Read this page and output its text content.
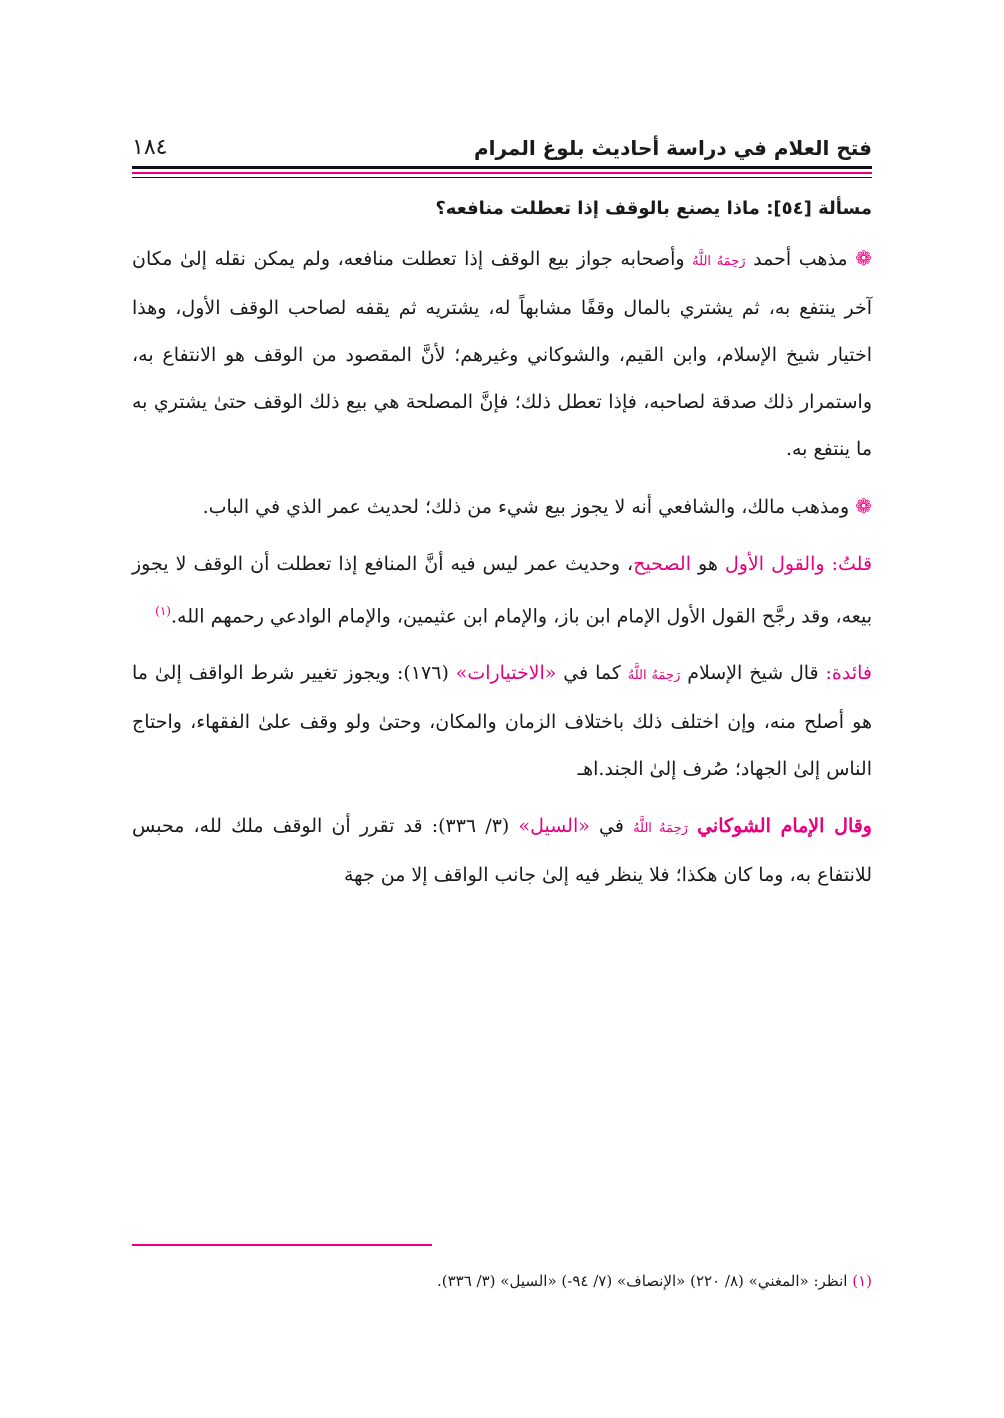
فتح العلام في دراسة أحاديث بلوغ المرام
١٨٤
مسألة [٥٤]: ماذا يصنع بالوقف إذا تعطلت منافعه؟

❁ مذهب أحمد رَحِمَهُ اللَّهُ وأصحابه جواز بيع الوقف إذا تعطلت منافعه، ولم يمكن نقله إلىٰ مكان آخر ينتفع به، ثم يشتري بالمال وقفًا مشابهاً له، يشتريه ثم يقفه لصاحب الوقف الأول، وهذا اختيار شيخ الإسلام، وابن القيم، والشوكاني وغيرهم؛ لأنَّ المقصود من الوقف هو الانتفاع به، واستمرار ذلك صدقة لصاحبه، فإذا تعطل ذلك؛ فإنَّ المصلحة هي بيع ذلك الوقف حتىٰ يشتري به ما ينتفع به.

❁ ومذهب مالك، والشافعي أنه لا يجوز بيع شيء من ذلك؛ لحديث عمر الذي في الباب.

قلتُ: والقول الأول هو الصحيح، وحديث عمر ليس فيه أنَّ المنافع إذا تعطلت أن الوقف لا يجوز بيعه، وقد رجَّح القول الأول الإمام ابن باز، والإمام ابن عثيمين، والإمام الوادعي رحمهم الله.$^{(١)}$

فائدة: قال شيخ الإسلام رَحِمَهُ اللَّهُ كما في «الاختيارات» (١٧٦): ويجوز تغيير شرط الواقف إلىٰ ما هو أصلح منه، وإن اختلف ذلك باختلاف الزمان والمكان، وحتىٰ ولو وقف علىٰ الفقهاء، واحتاج الناس إلىٰ الجهاد؛ صُرف إلىٰ الجند.اهـ

وقال الإمام الشوكاني رَحِمَهُ اللَّهُ في «السيل» (٣/ ٣٣٦): قد تقرر أن الوقف ملك لله، محبس للانتفاع به، وما كان هكذا؛ فلا ينظر فيه إلىٰ جانب الواقف إلا من جهة

(١) انظر: «المغني» (٨/ ٢٢٠) «الإنصاف» (٧/ ٩٤-) «السيل» (٣/ ٣٣٦).
